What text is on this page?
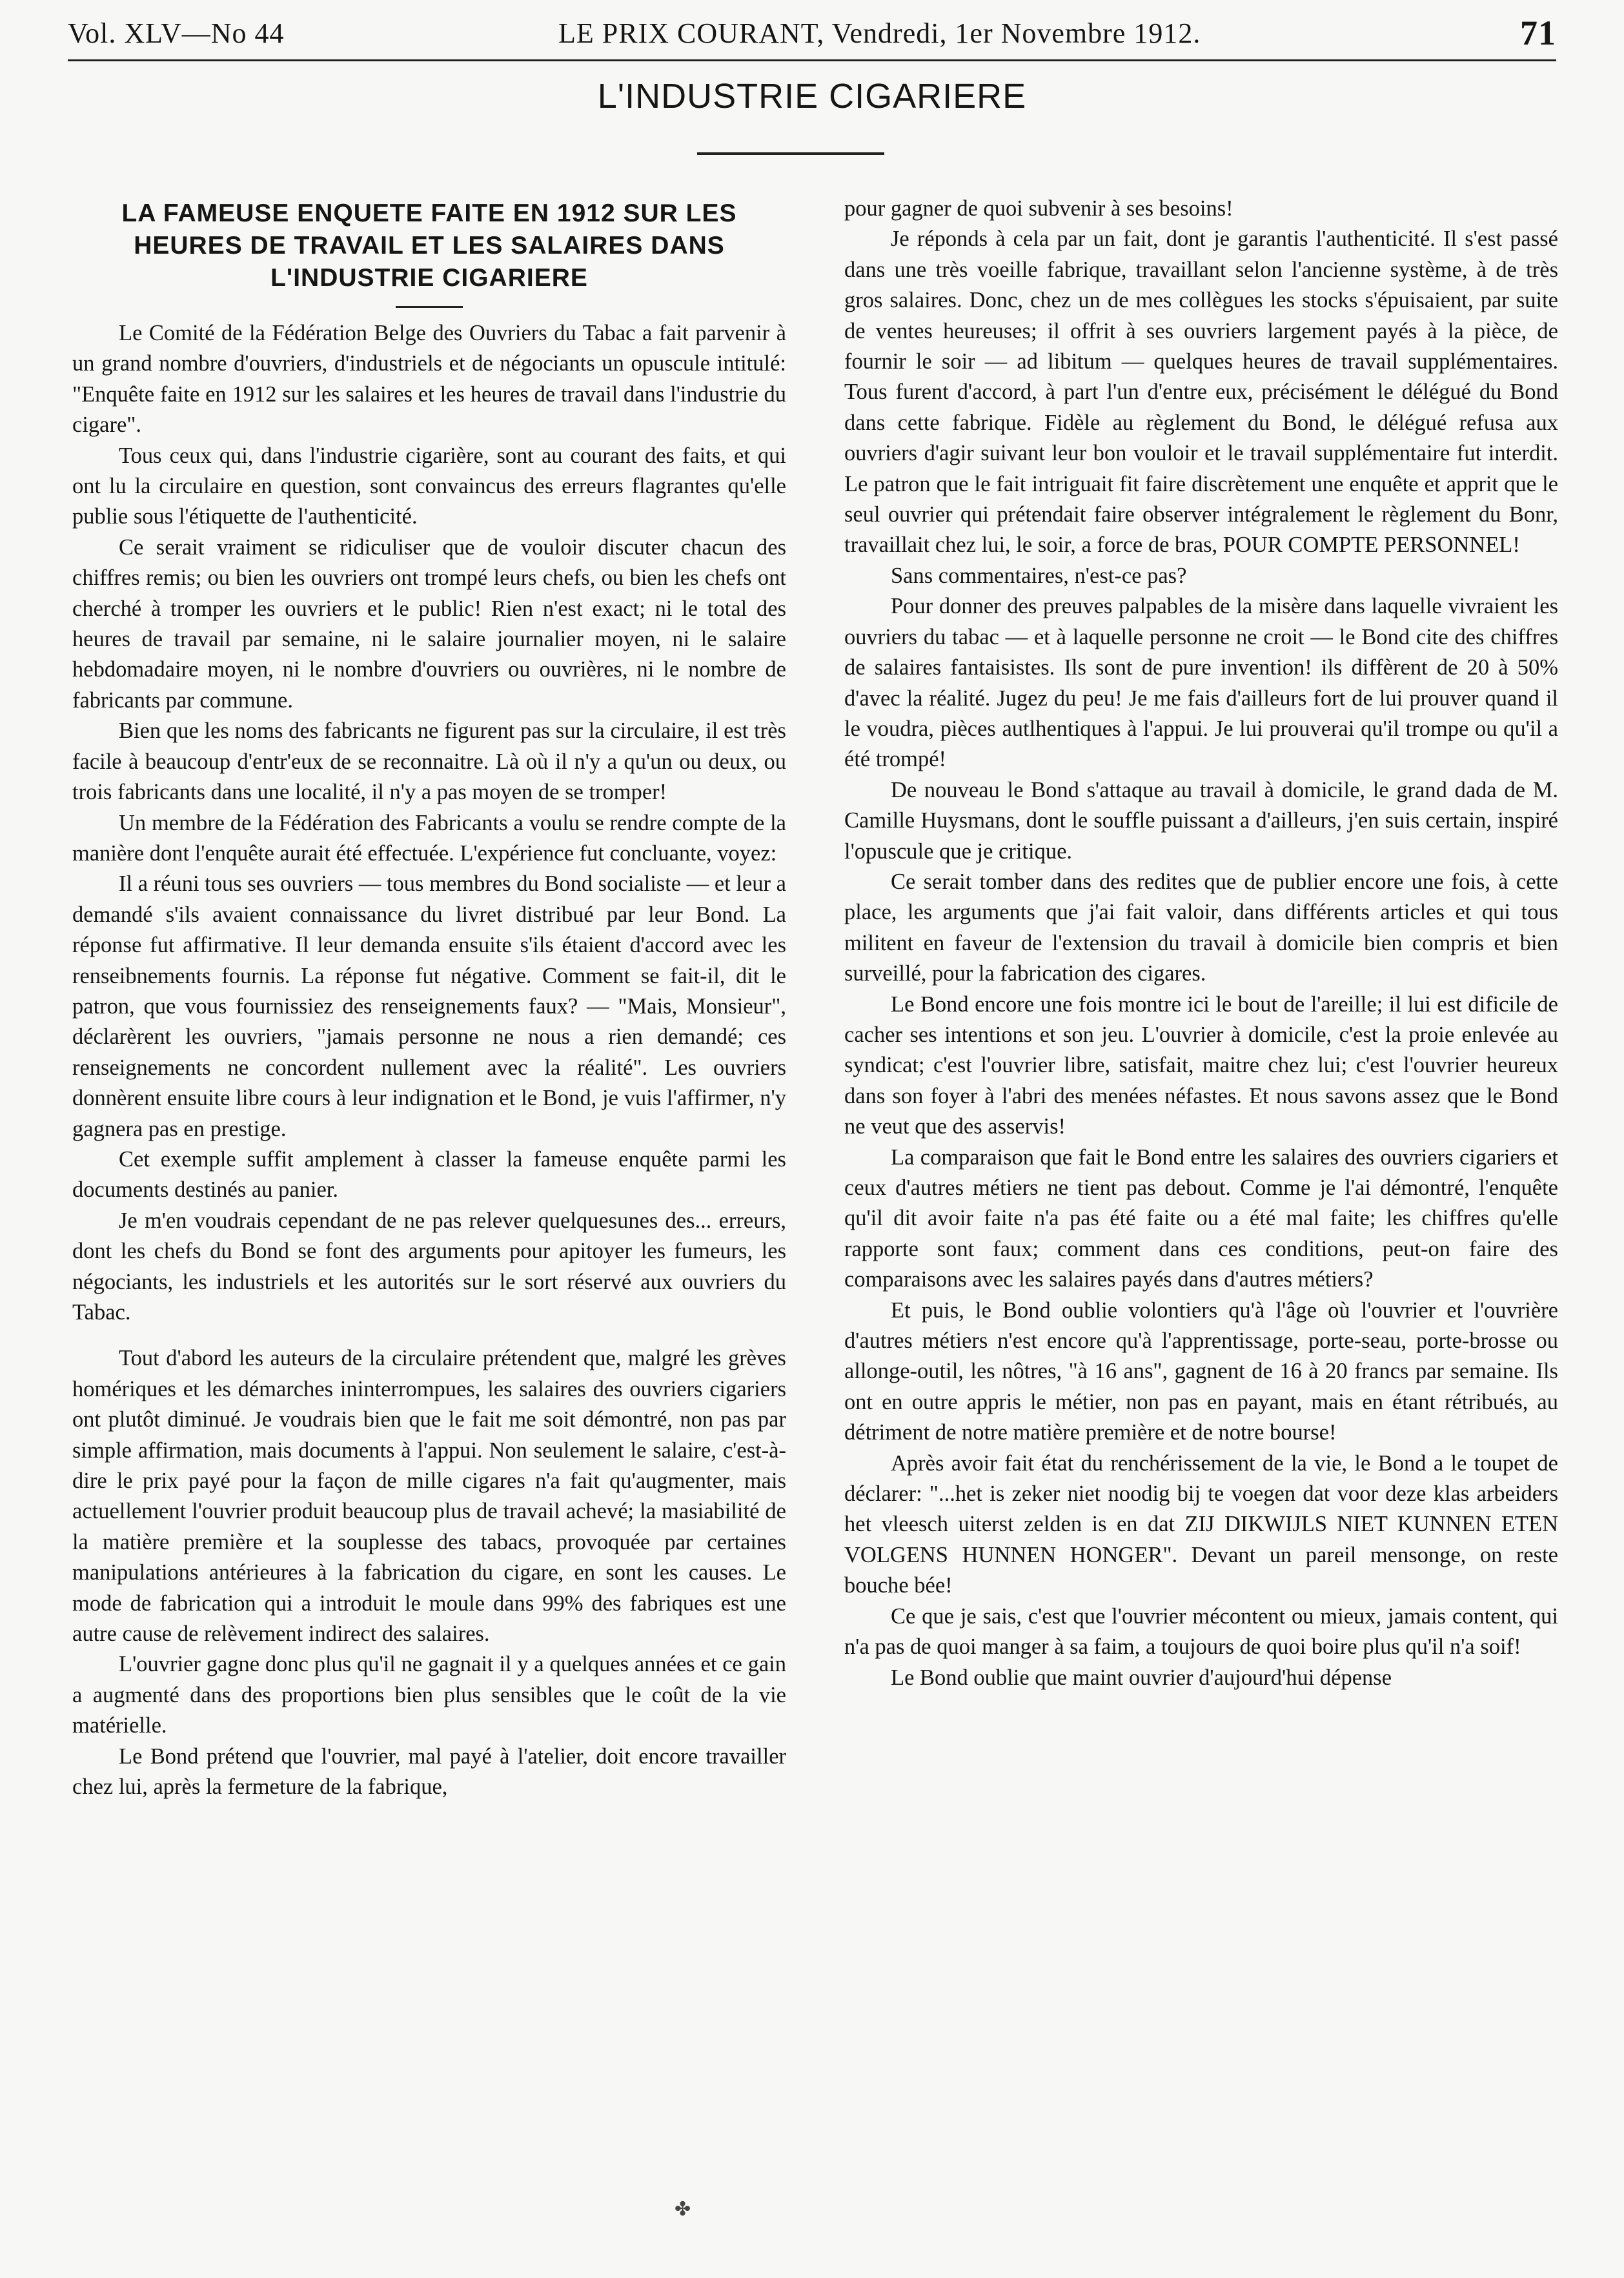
Vol. XLV—No 44	LE PRIX COURANT, Vendredi, 1er Novembre 1912.	71
L'INDUSTRIE CIGARIERE
LA FAMEUSE ENQUETE FAITE EN 1912 SUR LES
HEURES DE TRAVAIL ET LES SALAIRES DANS
L'INDUSTRIE CIGARIERE

Le Comité de la Fédération Belge des Ouvriers du Tabac a fait parvenir à un grand nombre d'ouvriers, d'industriels et de négociants un opuscule intitulé: "Enquête faite en 1912 sur les salaires et les heures de travail dans l'industrie du cigare".

Tous ceux qui, dans l'industrie cigarière, sont au courant des faits, et qui ont lu la circulaire en question, sont convaincus des erreurs flagrantes qu'elle publie sous l'étiquette de l'authenticité.

Ce serait vraiment se ridiculiser que de vouloir discuter chacun des chiffres remis; ou bien les ouvriers ont trompé leurs chefs, ou bien les chefs ont cherché à tromper les ouvriers et le public! Rien n'est exact; ni le total des heures de travail par semaine, ni le salaire journalier moyen, ni le salaire hebdomadaire moyen, ni le nombre d'ouvriers ou ouvrières, ni le nombre de fabricants par commune.

Bien que les noms des fabricants ne figurent pas sur la circulaire, il est très facile à beaucoup d'entr'eux de se reconnaitre. Là où il n'y a qu'un ou deux, ou trois fabricants dans une localité, il n'y a pas moyen de se tromper!

Un membre de la Fédération des Fabricants a voulu se rendre compte de la manière dont l'enquête aurait été effectuée. L'expérience fut concluante, voyez:

Il a réuni tous ses ouvriers — tous membres du Bond socialiste — et leur a demandé s'ils avaient connaissance du livret distribué par leur Bond. La réponse fut affirmative. Il leur demanda ensuite s'ils étaient d'accord avec les renseibnements fournis. La réponse fut négative. Comment se fait-il, dit le patron, que vous fournissiez des renseignements faux? — "Mais, Monsieur", déclarèrent les ouvriers, "jamais personne ne nous a rien demandé; ces renseignements ne concordent nullement avec la réalité". Les ouvriers donnèrent ensuite libre cours à leur indignation et le Bond, je vuis l'affirmer, n'y gagnera pas en prestige.

Cet exemple suffit amplement à classer la fameuse enquête parmi les documents destinés au panier.

Je m'en voudrais cependant de ne pas relever quelquesunes des... erreurs, dont les chefs du Bond se font des arguments pour apitoyer les fumeurs, les négociants, les industriels et les autorités sur le sort réservé aux ouvriers du Tabac.

Tout d'abord les auteurs de la circulaire prétendent que, malgré les grèves homériques et les démarches ininterrompues, les salaires des ouvriers cigariers ont plutôt diminué. Je voudrais bien que le fait me soit démontré, non pas par simple affirmation, mais documents à l'appui. Non seulement le salaire, c'est-à-dire le prix payé pour la façon de mille cigares n'a fait qu'augmenter, mais actuellement l'ouvrier produit beaucoup plus de travail achevé; la masiabilité de la matière première et la souplesse des tabacs, provoquée par certaines manipulations antérieures à la fabrication du cigare, en sont les causes. Le mode de fabrication qui a introduit le moule dans 99% des fabriques est une autre cause de relèvement indirect des salaires.

L'ouvrier gagne donc plus qu'il ne gagnait il y a quelques années et ce gain a augmenté dans des proportions bien plus sensibles que le coût de la vie matérielle.

Le Bond prétend que l'ouvrier, mal payé à l'atelier, doit encore travailler chez lui, après la fermeture de la fabrique,

pour gagner de quoi subvenir à ses besoins!

Je réponds à cela par un fait, dont je garantis l'authenticité. Il s'est passé dans une très voeille fabrique, travaillant selon l'ancienne système, à de très gros salaires. Donc, chez un de mes collègues les stocks s'épuisaient, par suite de ventes heureuses; il offrit à ses ouvriers largement payés à la pièce, de fournir le soir — ad libitum — quelques heures de travail supplémentaires. Tous furent d'accord, à part l'un d'entre eux, précisément le délégué du Bond dans cette fabrique. Fidèle au règlement du Bond, le délégué refusa aux ouvriers d'agir suivant leur bon vouloir et le travail supplémentaire fut interdit. Le patron que le fait intriguait fit faire discrètement une enquête et apprit que le seul ouvrier qui prétendait faire observer intégralement le règlement du Bonr, travaillait chez lui, le soir, a force de bras, POUR COMPTE PERSONNEL!

Sans commentaires, n'est-ce pas?

Pour donner des preuves palpables de la misère dans laquelle vivraient les ouvriers du tabac — et à laquelle personne ne croit — le Bond cite des chiffres de salaires fantaisistes. Ils sont de pure invention! ils diffèrent de 20 à 50% d'avec la réalité. Jugez du peu! Je me fais d'ailleurs fort de lui prouver quand il le voudra, pièces autlhentiques à l'appui. Je lui prouverai qu'il trompe ou qu'il a été trompé!

De nouveau le Bond s'attaque au travail à domicile, le grand dada de M. Camille Huysmans, dont le souffle puissant a d'ailleurs, j'en suis certain, inspiré l'opuscule que je critique.

Ce serait tomber dans des redites que de publier encore une fois, à cette place, les arguments que j'ai fait valoir, dans différents articles et qui tous militent en faveur de l'extension du travail à domicile bien compris et bien surveillé, pour la fabrication des cigares.

Le Bond encore une fois montre ici le bout de l'areille; il lui est dificile de cacher ses intentions et son jeu. L'ouvrier à domicile, c'est la proie enlevée au syndicat; c'est l'ouvrier libre, satisfait, maitre chez lui; c'est l'ouvrier heureux dans son foyer à l'abri des menées néfastes. Et nous savons assez que le Bond ne veut que des asservis!

La comparaison que fait le Bond entre les salaires des ouvriers cigariers et ceux d'autres métiers ne tient pas debout. Comme je l'ai démontré, l'enquête qu'il dit avoir faite n'a pas été faite ou a été mal faite; les chiffres qu'elle rapporte sont faux; comment dans ces conditions, peut-on faire des comparaisons avec les salaires payés dans d'autres métiers?

Et puis, le Bond oublie volontiers qu'à l'âge où l'ouvrier et l'ouvrière d'autres métiers n'est encore qu'à l'apprentissage, porte-seau, porte-brosse ou allonge-outil, les nôtres, "à 16 ans", gagnent de 16 à 20 francs par semaine. Ils ont en outre appris le métier, non pas en payant, mais en étant rétribués, au détriment de notre matière première et de notre bourse!

Après avoir fait état du renchérissement de la vie, le Bond a le toupet de déclarer: "...het is zeker niet noodig bij te voegen dat voor deze klas arbeiders het vleesch uiterst zelden is en dat ZIJ DIKWIJLS NIET KUNNEN ETEN VOLGENS HUNNEN HONGER". Devant un pareil mensonge, on reste bouche bée!

Ce que je sais, c'est que l'ouvrier mécontent ou mieux, jamais content, qui n'a pas de quoi manger à sa faim, a toujours de quoi boire plus qu'il n'a soif!

Le Bond oublie que maint ouvrier d'aujourd'hui dépense

✤
